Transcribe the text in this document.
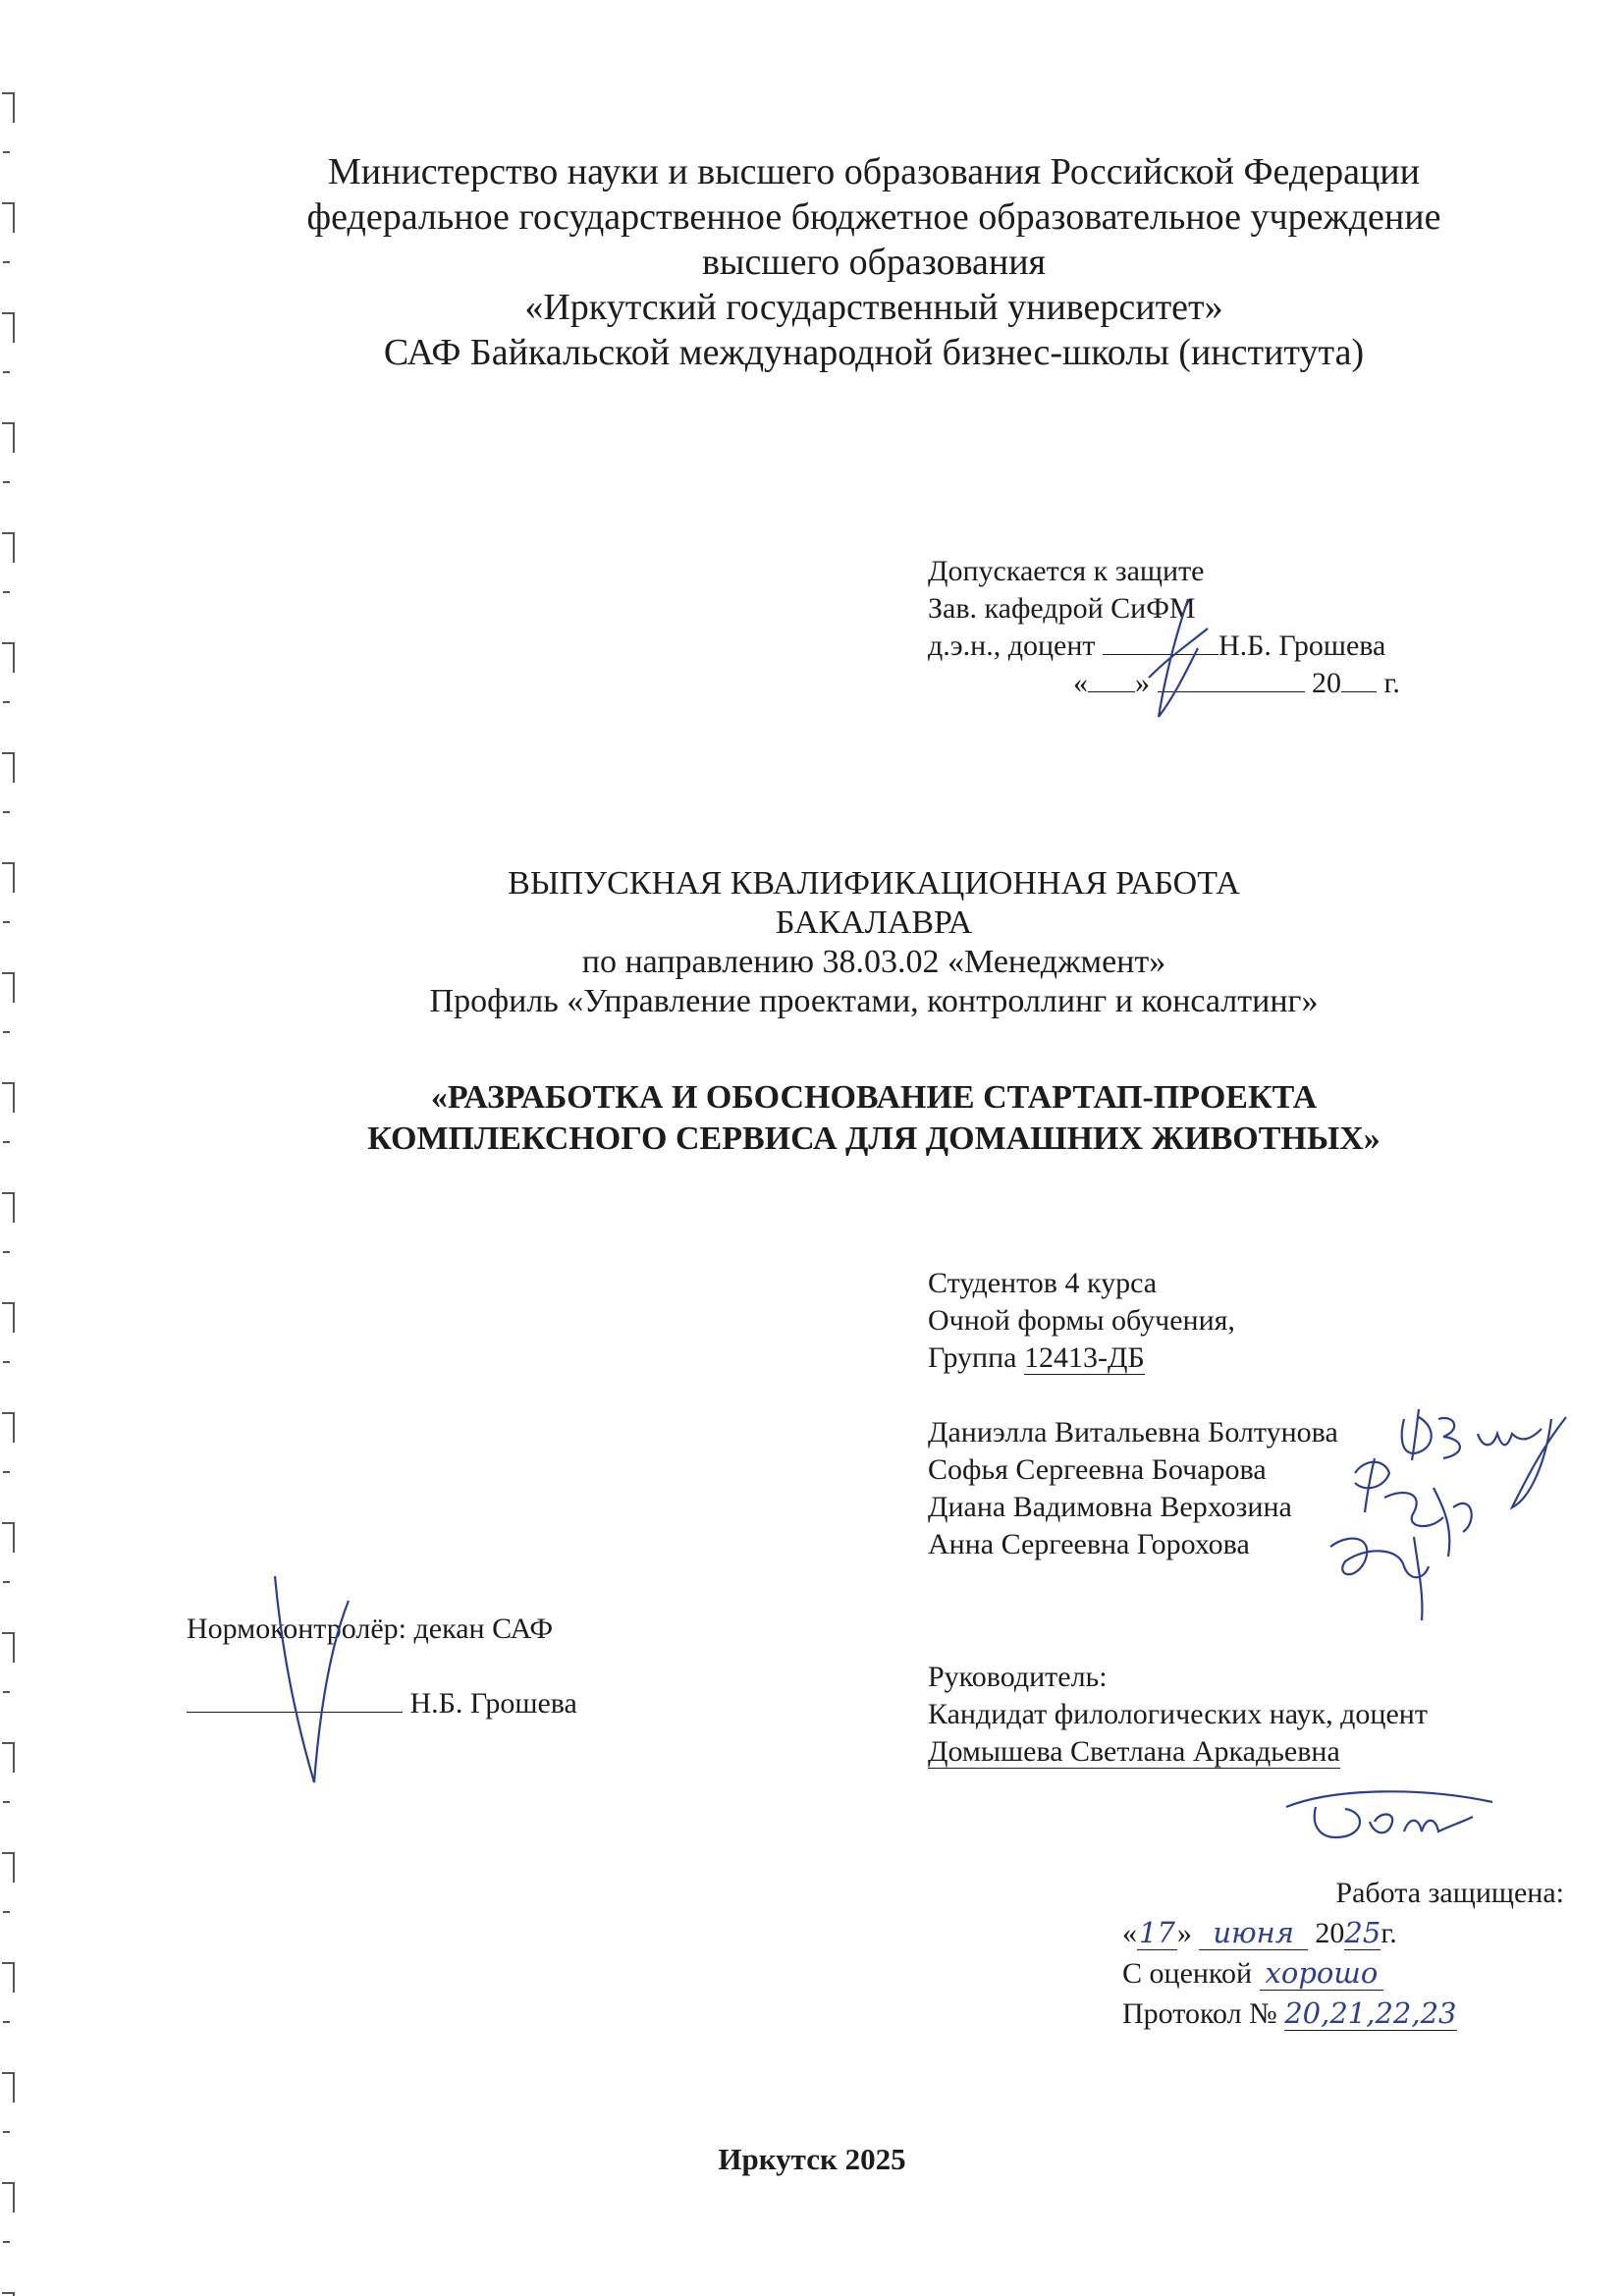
Министерство науки и высшего образования Российской Федерации
федеральное государственное бюджетное образовательное учреждение
высшего образования
«Иркутский государственный университет»
САФ Байкальской международной бизнес-школы (института)
Допускается к защите
Зав. кафедрой СиФМ
д.э.н., доцент	Н.Б. Грошева
« »	20 г.
ВЫПУСКНАЯ КВАЛИФИКАЦИОННАЯ РАБОТА
БАКАЛАВРА
по направлению 38.03.02 «Менеджмент»
Профиль «Управление проектами, контроллинг и консалтинг»
«РАЗРАБОТКА И ОБОСНОВАНИЕ СТАРТАП-ПРОЕКТА
КОМПЛЕКСНОГО СЕРВИСА ДЛЯ ДОМАШНИХ ЖИВОТНЫХ»
Студентов 4 курса
Очной формы обучения,
Группа 12413-ДБ
Даниэлла Витальевна Болтунова
Софья Сергеевна Бочарова
Диана Вадимовна Верхозина
Анна Сергеевна Горохова
Нормоконтролёр: декан САФ
Н.Б. Грошева
Руководитель:
Кандидат филологических наук, доцент
Домышева Светлана Аркадьевна
Работа защищена:
«17» июня 2025г.
С оценкой хорошо
Протокол № 20,21,22,23
Иркутск 2025
